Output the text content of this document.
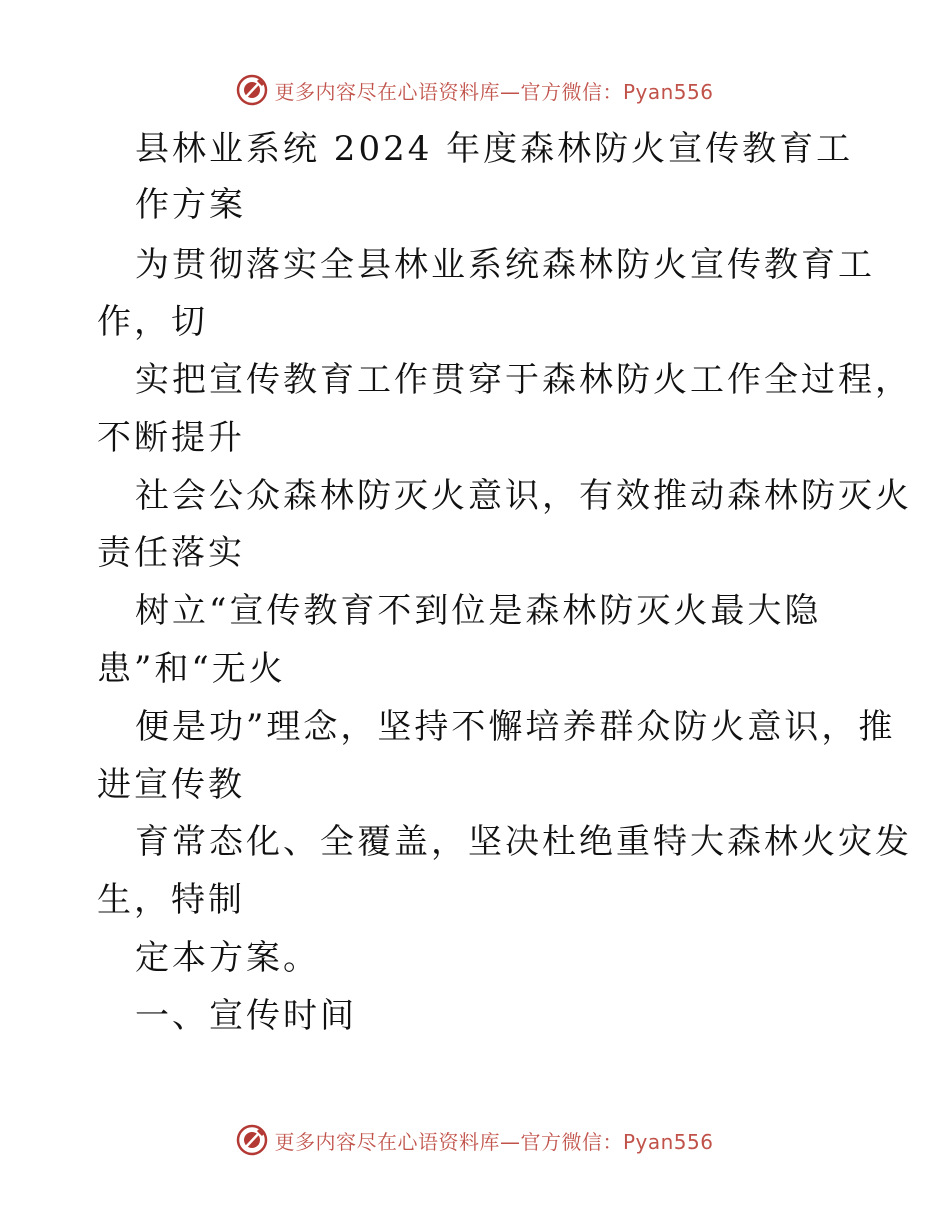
更多内容尽在心语资料库—官方微信：Pyan556
县林业系统 2024 年度森林防火宣传教育工
作方案
为贯彻落实全县林业系统森林防火宣传教育工
作，切
实把宣传教育工作贯穿于森林防火工作全过程，
不断提升
社会公众森林防灭火意识，有效推动森林防灭火
责任落实
树立“宣传教育不到位是森林防灭火最大隐
患”和“无火
便是功”理念，坚持不懈培养群众防火意识，推
进宣传教
育常态化、全覆盖，坚决杜绝重特大森林火灾发
生，特制
定本方案。
一、宣传时间
更多内容尽在心语资料库—官方微信：Pyan556
